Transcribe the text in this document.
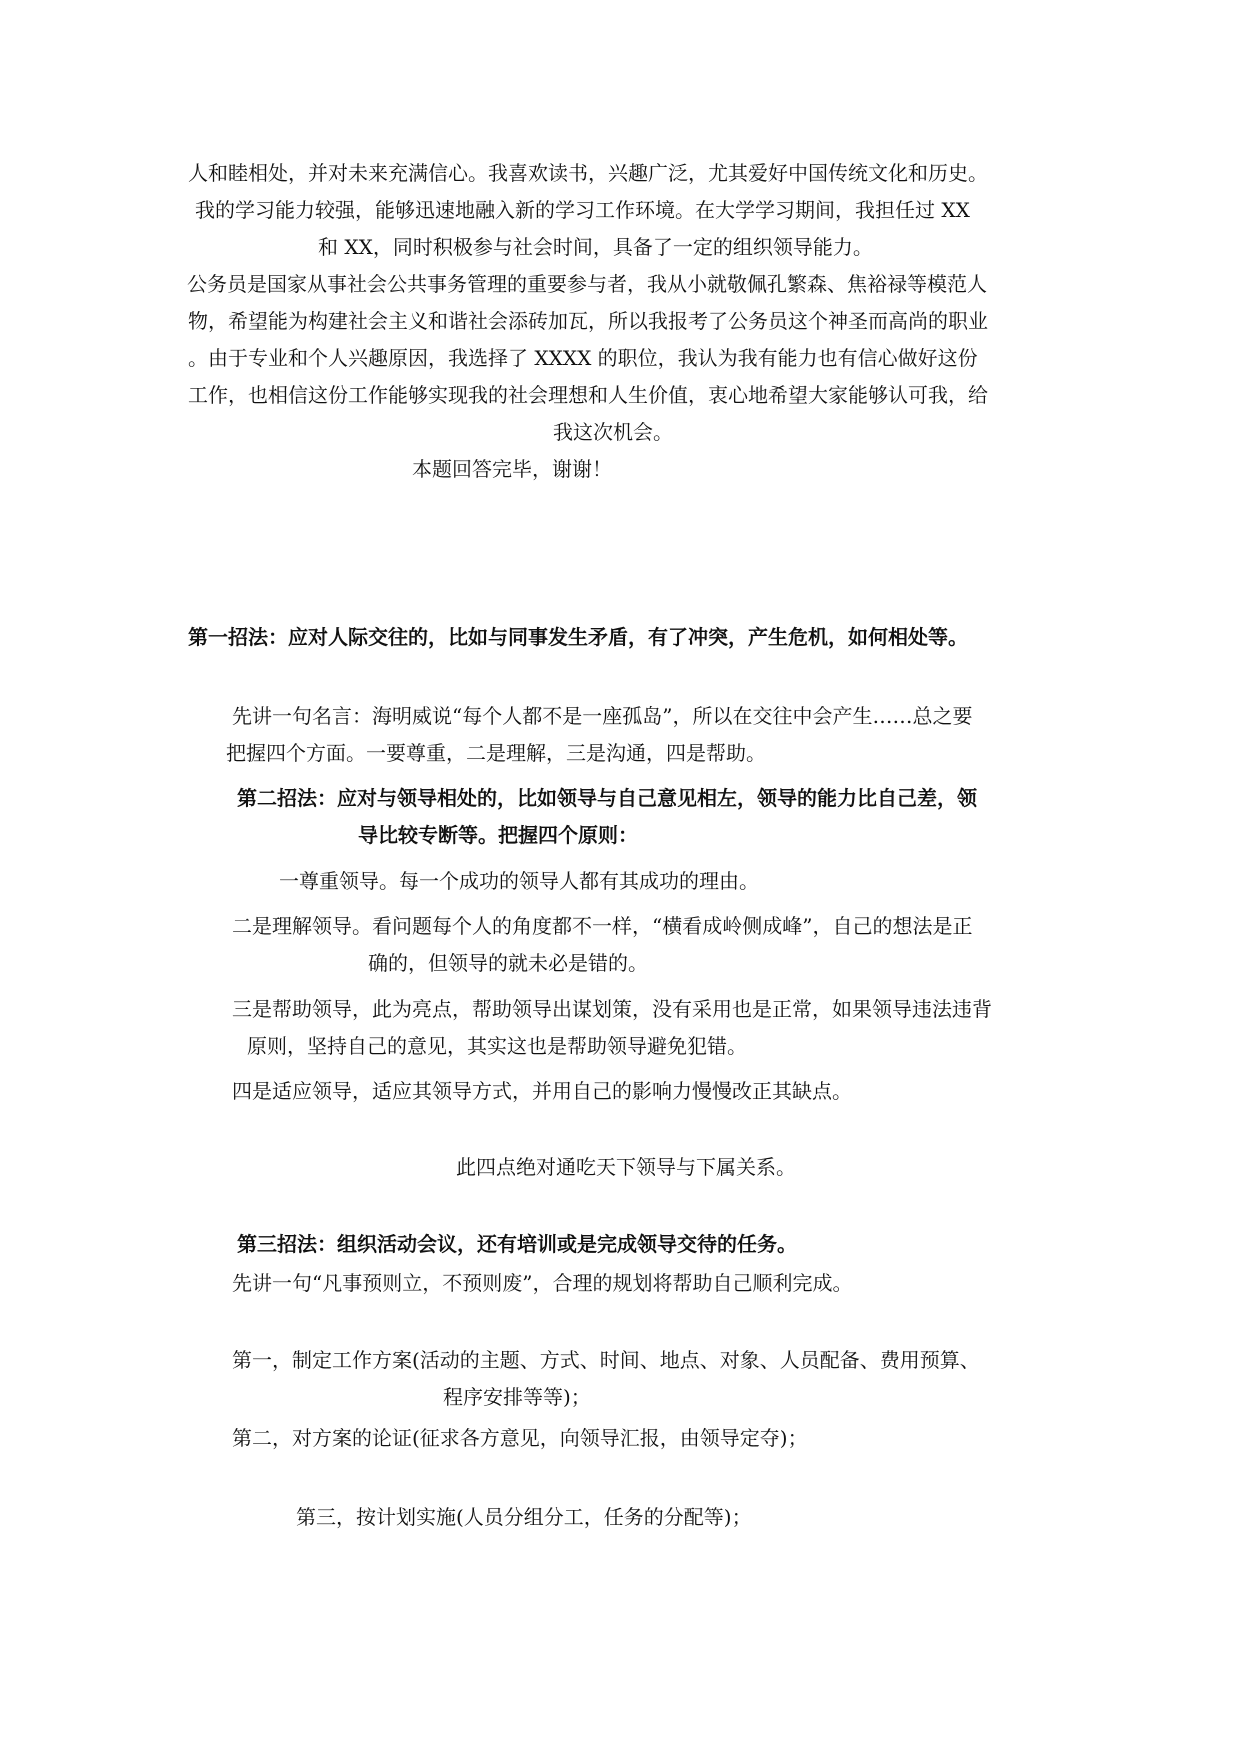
人和睦相处，并对未来充满信心。我喜欢读书，兴趣广泛，尤其爱好中国传统文化和历史。
我的学习能力较强，能够迅速地融入新的学习工作环境。在大学学习期间，我担任过 XX
和 XX，同时积极参与社会时间，具备了一定的组织领导能力。
公务员是国家从事社会公共事务管理的重要参与者，我从小就敬佩孔繁森、焦裕禄等模范人
物，希望能为构建社会主义和谐社会添砖加瓦，所以我报考了公务员这个神圣而高尚的职业
。由于专业和个人兴趣原因，我选择了 XXXX 的职位，我认为我有能力也有信心做好这份
工作，也相信这份工作能够实现我的社会理想和人生价值，衷心地希望大家能够认可我，给
我这次机会。
本题回答完毕，谢谢！
第一招法：应对人际交往的，比如与同事发生矛盾，有了冲突，产生危机，如何相处等。
先讲一句名言：海明威说“每个人都不是一座孤岛”，所以在交往中会产生……总之要
把握四个方面。一要尊重，二是理解，三是沟通，四是帮助。
第二招法：应对与领导相处的，比如领导与自己意见相左，领导的能力比自己差，领
导比较专断等。把握四个原则：
一尊重领导。每一个成功的领导人都有其成功的理由。
二是理解领导。看问题每个人的角度都不一样，“横看成岭侧成峰”，自己的想法是正
确的，但领导的就未必是错的。
三是帮助领导，此为亮点，帮助领导出谋划策，没有采用也是正常，如果领导违法违背
原则，坚持自己的意见，其实这也是帮助领导避免犯错。
四是适应领导，适应其领导方式，并用自己的影响力慢慢改正其缺点。
此四点绝对通吃天下领导与下属关系。
第三招法：组织活动会议，还有培训或是完成领导交待的任务。
先讲一句“凡事预则立，不预则废”，合理的规划将帮助自己顺利完成。
第一，制定工作方案(活动的主题、方式、时间、地点、对象、人员配备、费用预算、
程序安排等等)；
第二，对方案的论证(征求各方意见，向领导汇报，由领导定夺)；
第三，按计划实施(人员分组分工，任务的分配等)；
